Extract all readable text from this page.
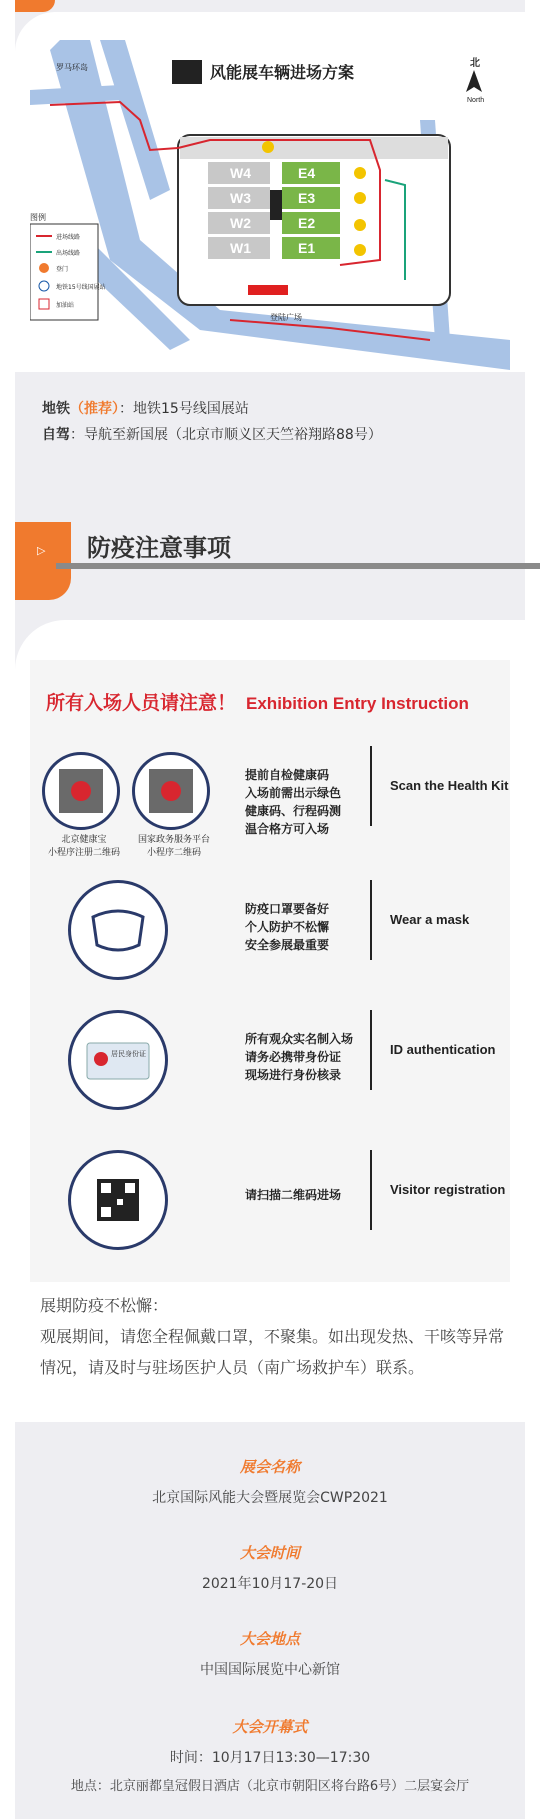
W4
W3
W2
W1
E4
E3
E2
E1
风能展车辆进场方案	北
North
罗马环岛
登陆广场
图例
进场线路
出场线路
登门
地铁15号线国展站
加油站
地铁（推荐）：地铁15号线国展站
自驾：导航至新国展（北京市顺义区天竺裕翔路88号）
▷ 防疫注意事项
所有入场人员请注意！ Exhibition Entry Instruction
北京健康宝
小程序注册二维码
国家政务服务平台
小程序二维码
提前自检健康码
入场前需出示绿色
健康码、行程码测
温合格方可入场
Scan the Health Kit
防疫口罩要备好
个人防护不松懈
安全参展最重要
Wear a mask
居民身份证
所有观众实名制入场
请务必携带身份证
现场进行身份核录
ID authentication
请扫描二维码进场	Visitor registration
展期防疫不松懈：
观展期间，请您全程佩戴口罩，不聚集。如出现发热、干咳等异常情况，请及时与驻场医护人员（南广场救护车）联系。
展会名称
北京国际风能大会暨展览会CWP2021
大会时间
2021年10月17-20日
大会地点
中国国际展览中心新馆
大会开幕式
时间：10月17日13:30—17:30
地点：北京丽都皇冠假日酒店（北京市朝阳区将台路6号）二层宴会厅
